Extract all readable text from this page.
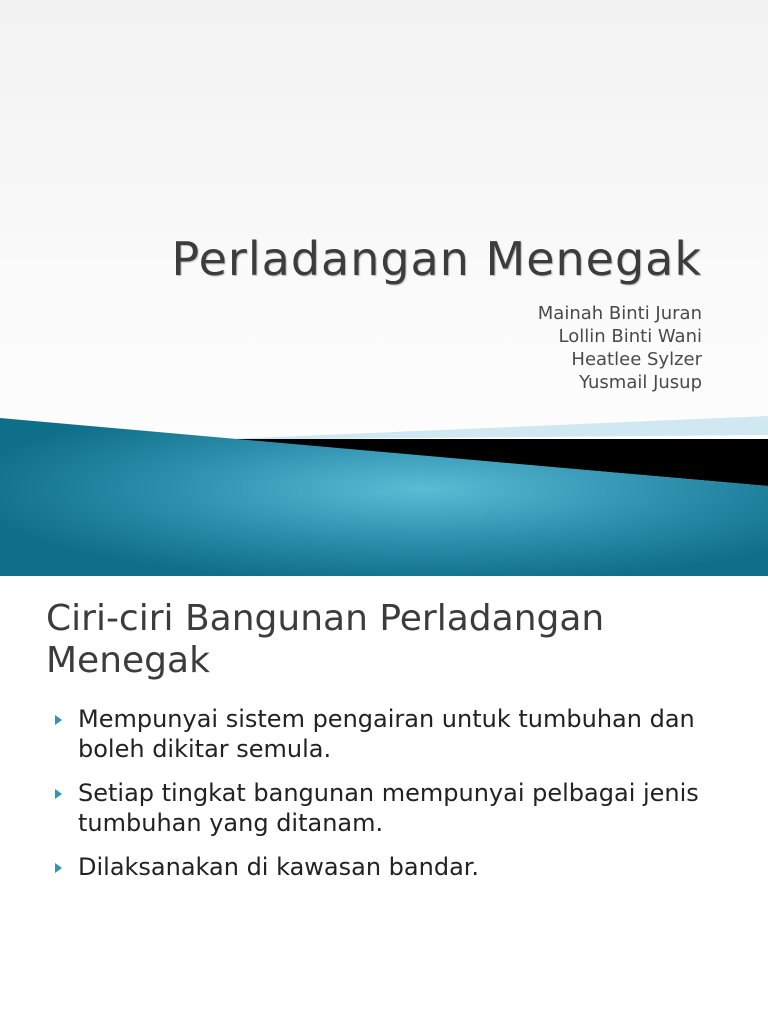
Perladangan Menegak
Mainah Binti Juran
Lollin Binti Wani
Heatlee Sylzer
Yusmail Jusup
Ciri-ciri Bangunan Perladangan Menegak
Mempunyai sistem pengairan untuk tumbuhan dan boleh dikitar semula.
Setiap tingkat bangunan mempunyai pelbagai jenis tumbuhan yang ditanam.
Dilaksanakan di kawasan bandar.
